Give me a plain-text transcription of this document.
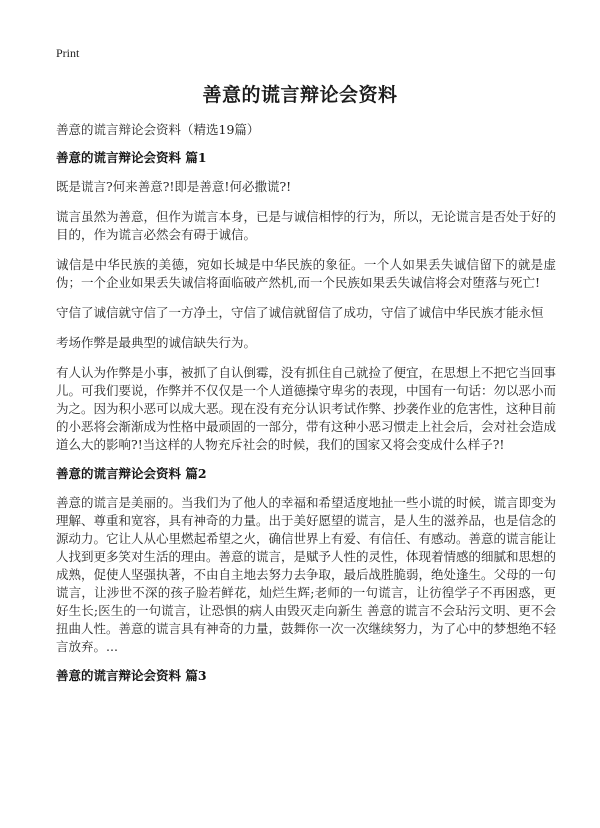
Print
善意的谎言辩论会资料
善意的谎言辩论会资料（精选19篇）
善意的谎言辩论会资料 篇1

既是谎言?何来善意?!即是善意!何必撒谎?!

谎言虽然为善意，但作为谎言本身，已是与诚信相悖的行为，所以，无论谎言是否处于好的目的，作为谎言必然会有碍于诚信。

诚信是中华民族的美德，宛如长城是中华民族的象征。一个人如果丢失诚信留下的就是虚伪；一个企业如果丢失诚信将面临破产然机,而一个民族如果丢失诚信将会对堕落与死亡!

守信了诚信就守信了一方净土，守信了诚信就留信了成功，守信了诚信中华民族才能永恒

考场作弊是最典型的诚信缺失行为。

有人认为作弊是小事，被抓了自认倒霉，没有抓住自己就捡了便宜，在思想上不把它当回事儿。可我们要说，作弊并不仅仅是一个人道德操守卑劣的表现，中国有一句话：勿以恶小而为之。因为积小恶可以成大恶。现在没有充分认识考试作弊、抄袭作业的危害性，这种目前的小恶将会渐渐成为性格中最顽固的一部分，带有这种小恶习惯走上社会后，会对社会造成道么大的影响?!当这样的人物充斥社会的时候，我们的国家又将会变成什么样子?!

善意的谎言辩论会资料 篇2

善意的谎言是美丽的。当我们为了他人的幸福和希望适度地扯一些小谎的时候，谎言即变为理解、尊重和宽容，具有神奇的力量。出于美好愿望的谎言，是人生的滋养品，也是信念的源动力。它让人从心里燃起希望之火，确信世界上有爱、有信任、有感动。善意的谎言能让人找到更多笑对生活的理由。善意的谎言，是赋予人性的灵性，体现着情感的细腻和思想的成熟，促使人坚强执著，不由自主地去努力去争取，最后战胜脆弱，绝处逢生。父母的一句谎言，让涉世不深的孩子脸若鲜花，灿烂生辉;老师的一句谎言，让彷徨学子不再困惑，更好生长;医生的一句谎言，让恐惧的病人由毁灭走向新生 善意的谎言不会玷污文明、更不会扭曲人性。善意的谎言具有神奇的力量，鼓舞你一次一次继续努力，为了心中的梦想绝不轻言放弃。...

善意的谎言辩论会资料 篇3
